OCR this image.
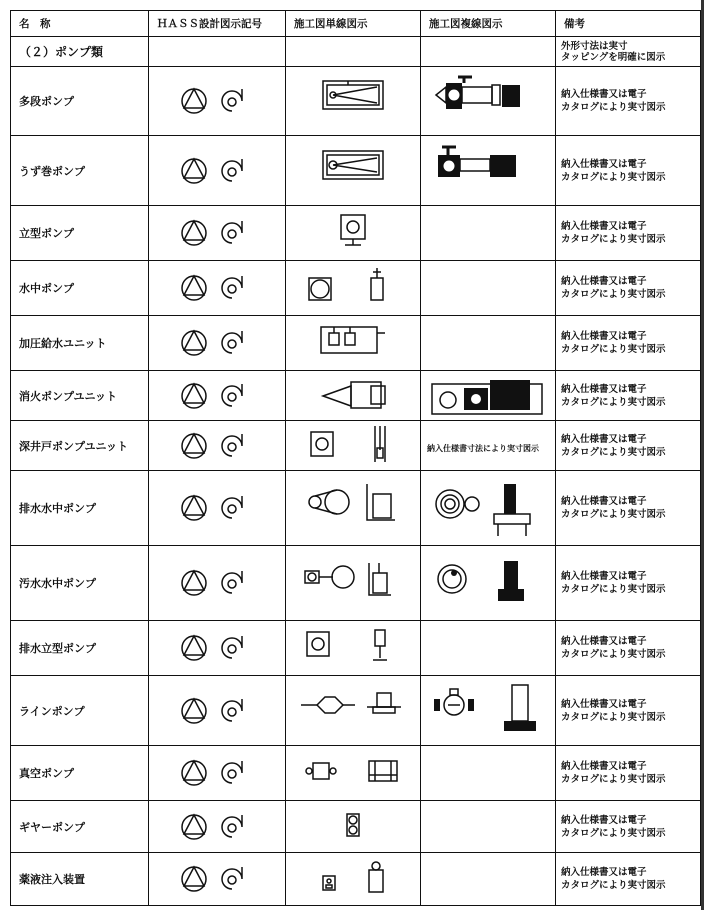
名　称	ＨＡＳＳ設計図示記号	施工図単線図示	施工図複線図示	備考
（２）ポンプ類				外形寸法は実寸
タッピングを明確に図示
多段ポンプ				納入仕様書又は電子
カタログにより実寸図示
うず巻ポンプ				納入仕様書又は電子
カタログにより実寸図示
立型ポンプ				納入仕様書又は電子
カタログにより実寸図示
水中ポンプ				納入仕様書又は電子
カタログにより実寸図示
加圧給水ユニット				納入仕様書又は電子
カタログにより実寸図示
消火ポンプユニット				納入仕様書又は電子
カタログにより実寸図示
深井戸ポンプユニット			納入仕様書寸法により実寸図示	納入仕様書又は電子
カタログにより実寸図示
排水水中ポンプ				納入仕様書又は電子
カタログにより実寸図示
汚水水中ポンプ				納入仕様書又は電子
カタログにより実寸図示
排水立型ポンプ				納入仕様書又は電子
カタログにより実寸図示
ラインポンプ				納入仕様書又は電子
カタログにより実寸図示
真空ポンプ				納入仕様書又は電子
カタログにより実寸図示
ギヤーポンプ				納入仕様書又は電子
カタログにより実寸図示
薬液注入装置				納入仕様書又は電子
カタログにより実寸図示
